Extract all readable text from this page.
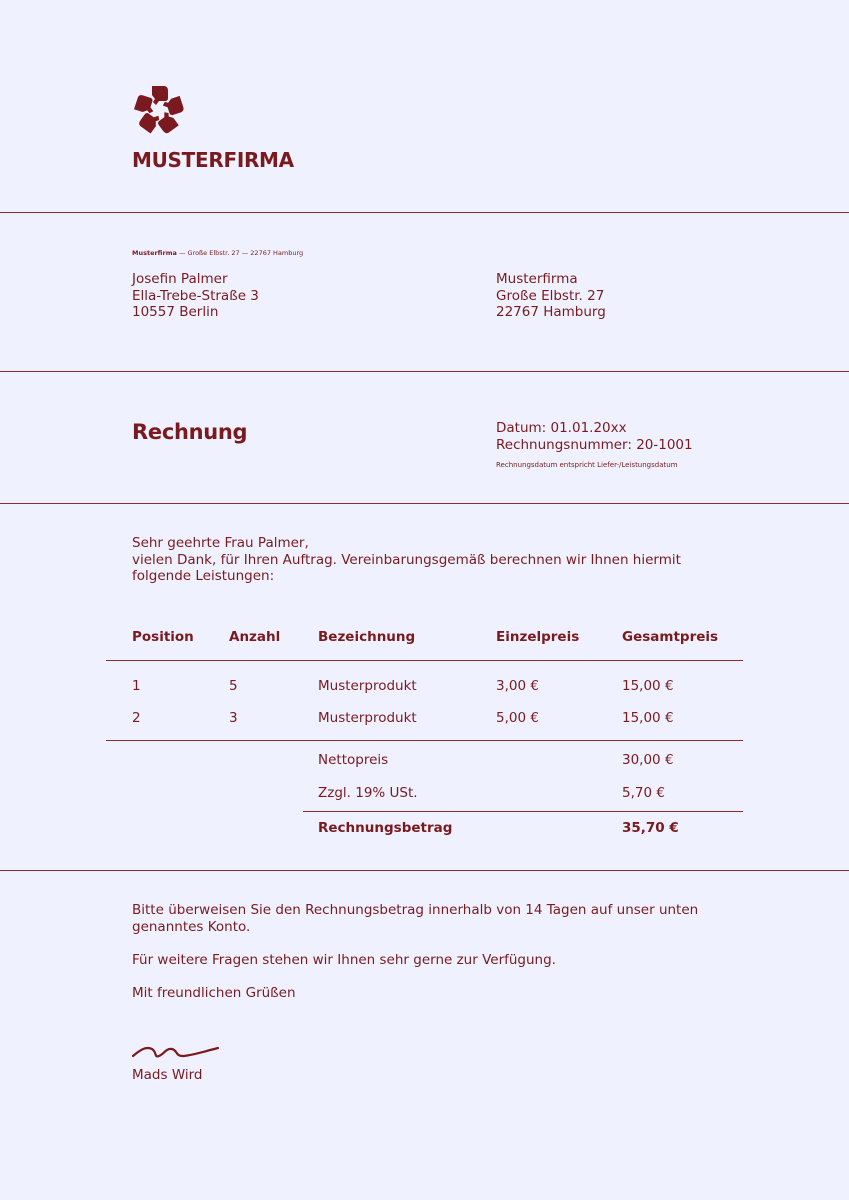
MUSTERFIRMA
Musterfirma — Große Elbstr. 27 — 22767 Hamburg
Josefin Palmer
Ella-Trebe-Straße 3
10557 Berlin
Musterfirma
Große Elbstr. 27
22767 Hamburg
Rechnung	Datum: 01.01.20xx
Rechnungsnummer: 20-1001
Rechnungsdatum entspricht Liefer-/Leistungsdatum
Sehr geehrte Frau Palmer,
vielen Dank, für Ihren Auftrag. Vereinbarungsgemäß berechnen wir Ihnen hiermit
folgende Leistungen:
Position	Anzahl	Bezeichnung	Einzelpreis	Gesamtpreis
1	5	Musterprodukt	3,00 €	15,00 €
2	3	Musterprodukt	5,00 €	15,00 €
Nettopreis	30,00 €
Zzgl. 19% USt.	5,70 €
Rechnungsbetrag	35,70 €
Bitte überweisen Sie den Rechnungsbetrag innerhalb von 14 Tagen auf unser unten
genanntes Konto.
Für weitere Fragen stehen wir Ihnen sehr gerne zur Verfügung.
Mit freundlichen Grüßen
Mads Wird
